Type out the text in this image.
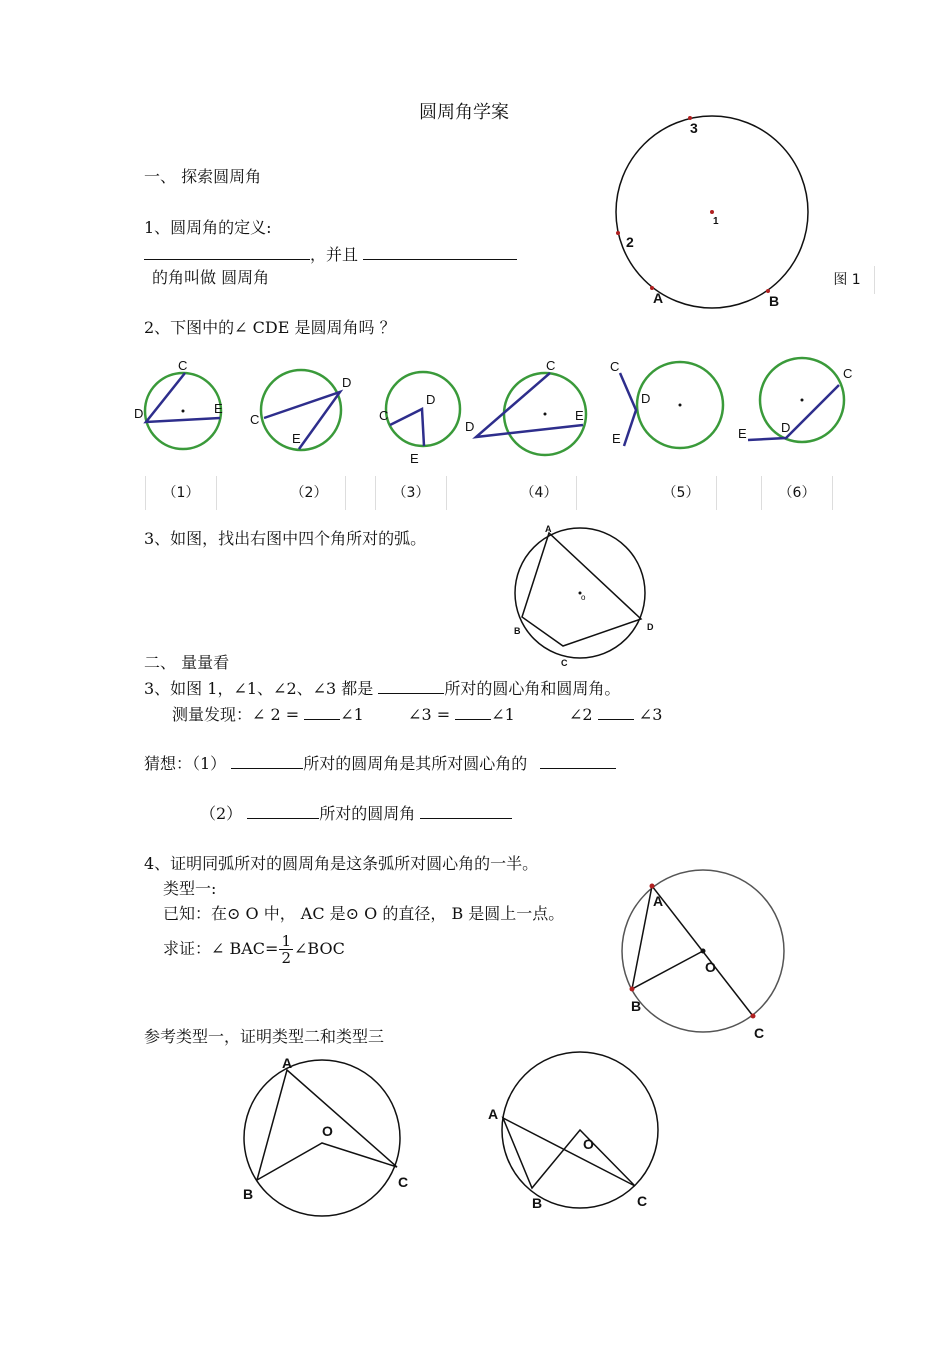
圆周角学案
一、 探索圆周角
1、圆周角的定义:
，并且
的角叫做 圆周角
2、下图中的∠ CDE 是圆周角吗 ？
（1）	（2）	（3）	（4）	（5）	（6）
3、如图，找出右图中四个角所对的弧。
二、 量量看
3、如图 1，∠1、∠2、∠3 都是	所对的圆心角和圆周角。
测量发现：∠ 2 =	∠1	∠3 =	∠1	∠2	∠3
猜想：（1）	所对的圆周角是其所对圆心角的
（2）	所对的圆周角
4、证明同弧所对的圆周角是这条弧所对圆心角的一半。
类型一:
已知：在⊙ O 中， AC 是⊙ O 的直径， B 是圆上一点。
求证：∠ $BAC= \frac{1}{2}$ ∠BOC
参考类型一，证明类型二和类型三
图 1
3
1
2
A	B
C
D	E
D
C
E
D
C
D
E
C
E
C
D
E
C
D
E
A
B
C
D
o
A
O
B
C
A
O
B
C
A
O
B	C
